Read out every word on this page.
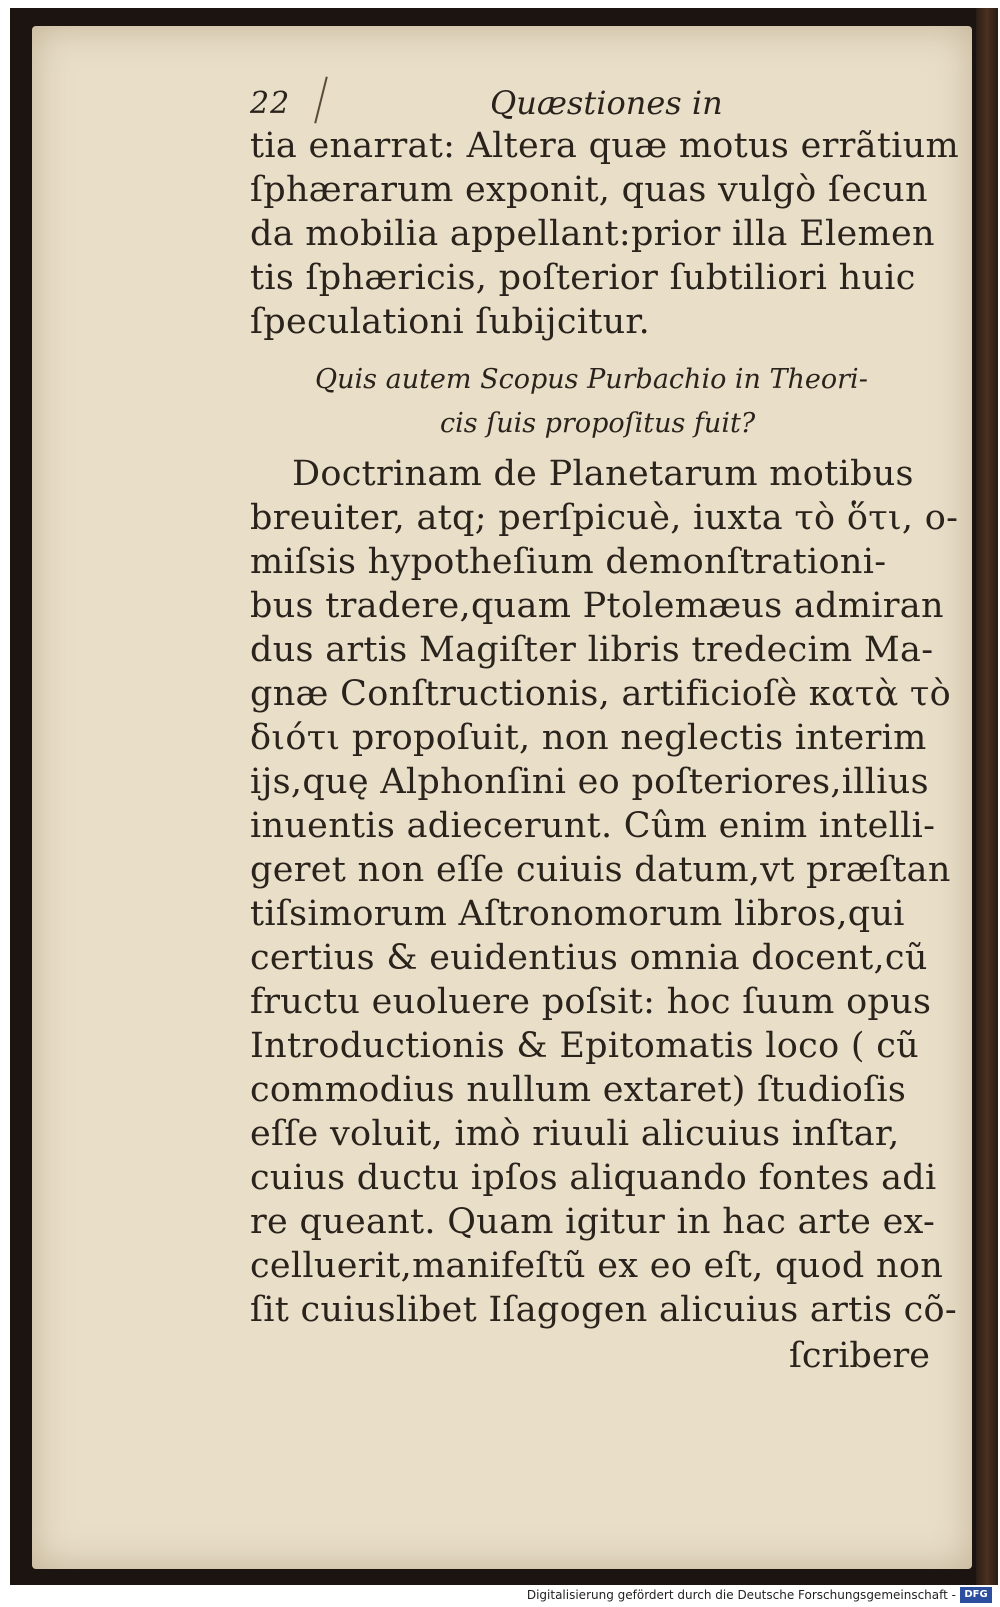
22	Quæstiones in
tia enarrat: Altera quæ motus errãtium
ſphærarum exponit, quas vulgò ſecun
da mobilia appellant:prior illa Elemen
tis ſphæricis, poſterior ſubtiliori huic
ſpeculationi ſubijcitur.
Quis autem Scopus Purbachio in Theori-
cis ſuis propoſitus fuit?
Doctrinam de Planetarum motibus
breuiter, atq; perſpicuè, iuxta τὸ ὅτι, o-
miſsis hypotheſium demonſtrationi-
bus tradere,quam Ptolemæus admiran
dus artis Magiſter libris tredecim Ma-
gnæ Conſtructionis, artificioſè κατὰ τὸ
διότι propoſuit, non neglectis interim
ijs,quę Alphonſini eo poſteriores,illius
inuentis adiecerunt. Cûm enim intelli-
geret non eſſe cuiuis datum,vt præſtan
tiſsimorum Aſtronomorum libros,qui
certius & euidentius omnia docent,cũ
fructu euoluere poſsit: hoc ſuum opus
Introductionis & Epitomatis loco ( cũ
commodius nullum extaret) ſtudioſis
eſſe voluit, imò riuuli alicuius inſtar,
cuius ductu ipſos aliquando fontes adi
re queant. Quam igitur in hac arte ex-
celluerit,manifeſtũ ex eo eſt, quod non
ſit cuiuslibet Iſagogen alicuius artis cõ-
ſcribere
Digitalisierung gefördert durch die Deutsche Forschungsgemeinschaft - DFG
